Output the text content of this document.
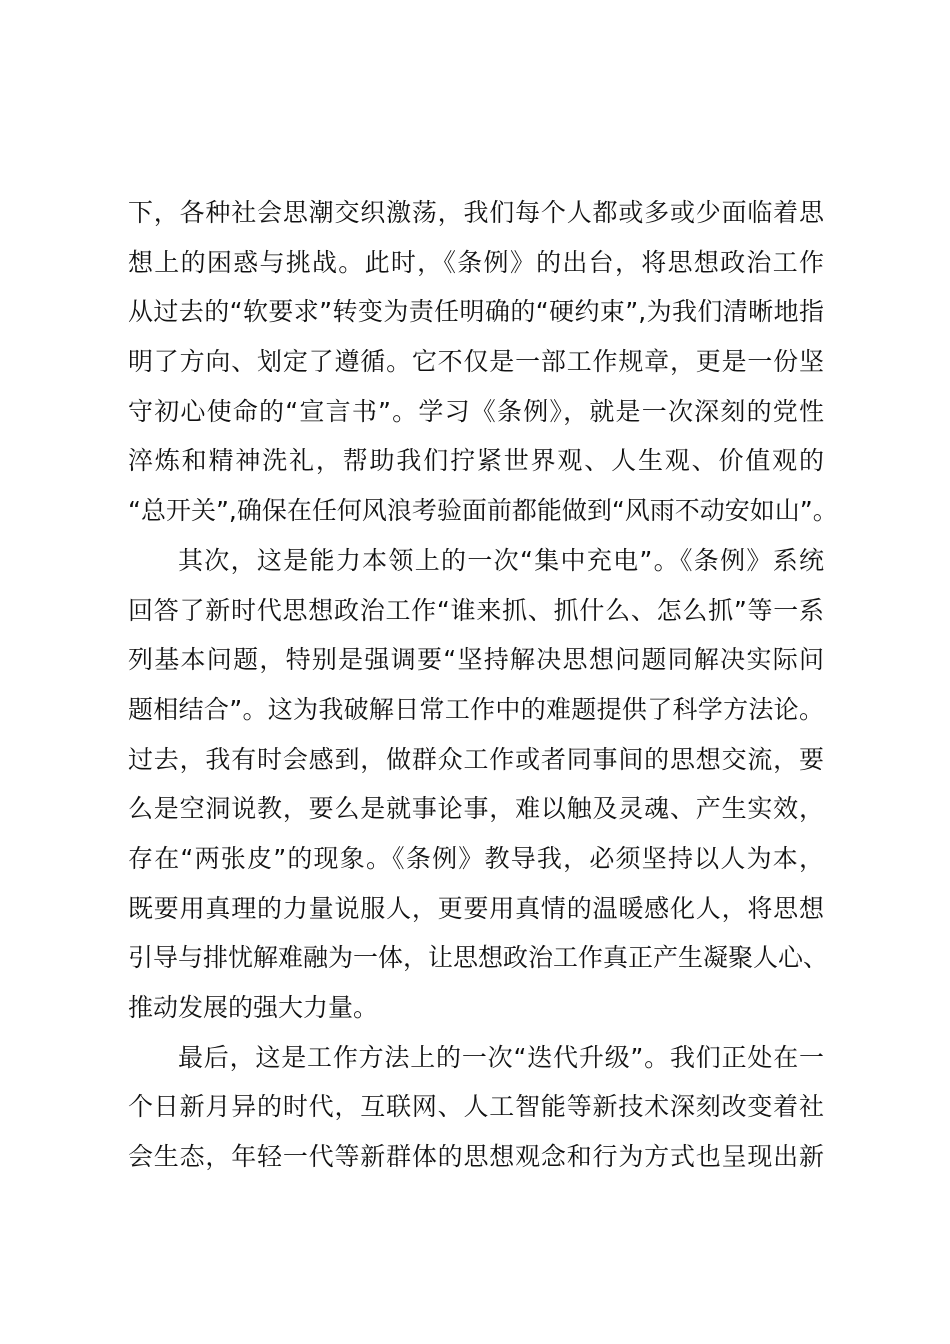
下，各种社会思潮交织激荡，我们每个人都或多或少面临着思
想上的困惑与挑战。此时，《条例》的出台，将思想政治工作
从过去的“软要求”转变为责任明确的“硬约束”,为我们清晰地指
明了方向、划定了遵循。它不仅是一部工作规章，更是一份坚
守初心使命的“宣言书”。学习《条例》，就是一次深刻的党性
淬炼和精神洗礼，帮助我们拧紧世界观、人生观、价值观的
“总开关”,确保在任何风浪考验面前都能做到“风雨不动安如山”。
其次，这是能力本领上的一次“集中充电”。《条例》系统
回答了新时代思想政治工作“谁来抓、抓什么、怎么抓”等一系
列基本问题，特别是强调要“坚持解决思想问题同解决实际问
题相结合”。这为我破解日常工作中的难题提供了科学方法论。
过去，我有时会感到，做群众工作或者同事间的思想交流，要
么是空洞说教，要么是就事论事，难以触及灵魂、产生实效，
存在“两张皮”的现象。《条例》教导我，必须坚持以人为本，
既要用真理的力量说服人，更要用真情的温暖感化人，将思想
引导与排忧解难融为一体，让思想政治工作真正产生凝聚人心、
推动发展的强大力量。
最后，这是工作方法上的一次“迭代升级”。我们正处在一
个日新月异的时代，互联网、人工智能等新技术深刻改变着社
会生态，年轻一代等新群体的思想观念和行为方式也呈现出新
